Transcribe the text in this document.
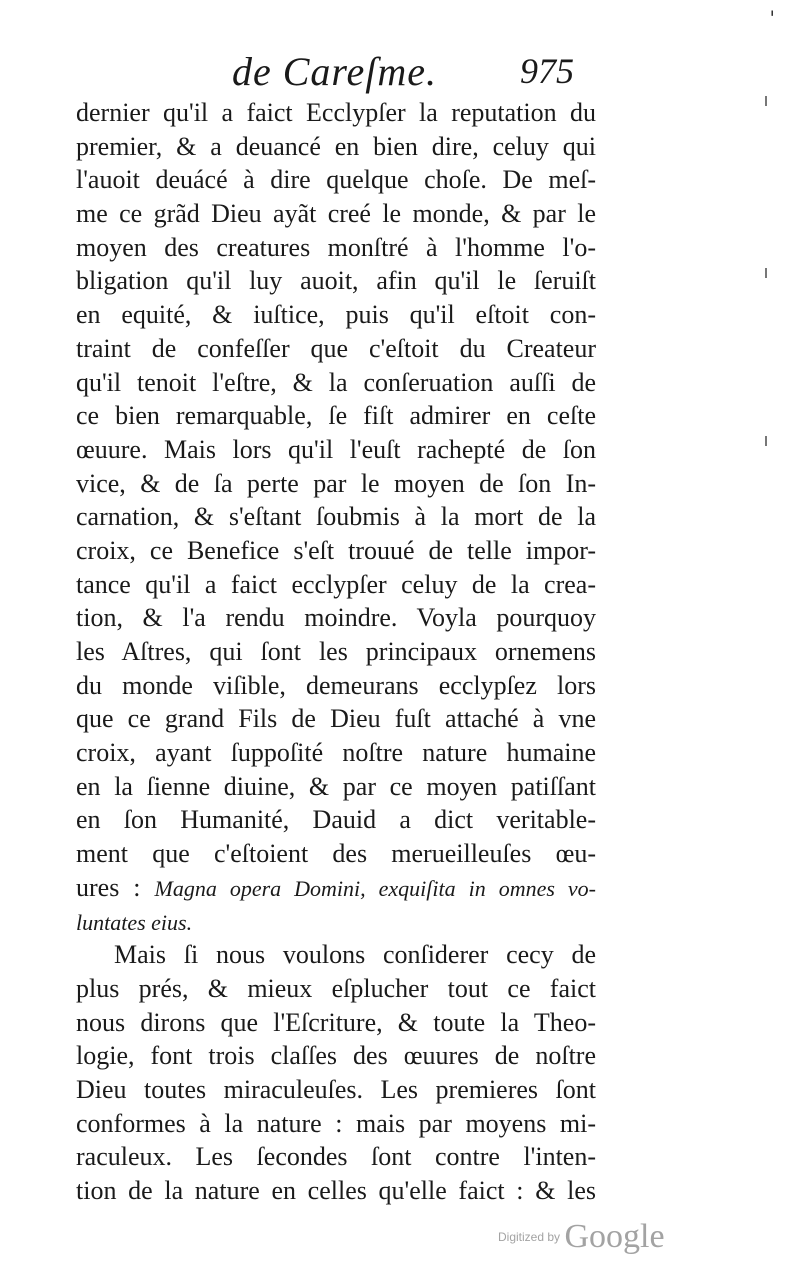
'
de Careſme. 975
dernier qu'il a faict Ecclypſer la reputation du
premier, & a deuancé en bien dire, celuy qui
l'auoit deuácé à dire quelque choſe. De meſ-
me ce grãd Dieu ayãt creé le monde, & par le
moyen des creatures monſtré à l'homme l'o-
bligation qu'il luy auoit, afin qu'il le ſeruiſt
en equité, & iuſtice, puis qu'il eſtoit con-
traint de confeſſer que c'eſtoit du Createur
qu'il tenoit l'eſtre, & la conſeruation auſſi de
ce bien remarquable, ſe fiſt admirer en ceſte
œuure. Mais lors qu'il l'euſt rachepté de ſon
vice, & de ſa perte par le moyen de ſon In-
carnation, & s'eſtant ſoubmis à la mort de la
croix, ce Benefice s'eſt trouué de telle impor-
tance qu'il a faict ecclypſer celuy de la crea-
tion, & l'a rendu moindre. Voyla pourquoy
les Aſtres, qui ſont les principaux ornemens
du monde viſible, demeurans ecclypſez lors
que ce grand Fils de Dieu fuſt attaché à vne
croix, ayant ſuppoſité noſtre nature humaine
en la ſienne diuine, & par ce moyen patiſſant
en ſon Humanité, Dauid a dict veritable-
ment que c'eſtoient des merueilleuſes œu-
ures : Magna opera Domini, exquiſita in omnes vo-
luntates eius.
Mais ſi nous voulons conſiderer cecy de
plus prés, & mieux eſplucher tout ce faict
nous dirons que l'Eſcriture, & toute la Theo-
logie, font trois claſſes des œuures de noſtre
Dieu toutes miraculeuſes. Les premieres ſont
conformes à la nature : mais par moyens mi-
raculeux. Les ſecondes ſont contre l'inten-
tion de la nature en celles qu'elle faict : & les
Digitized by Google
